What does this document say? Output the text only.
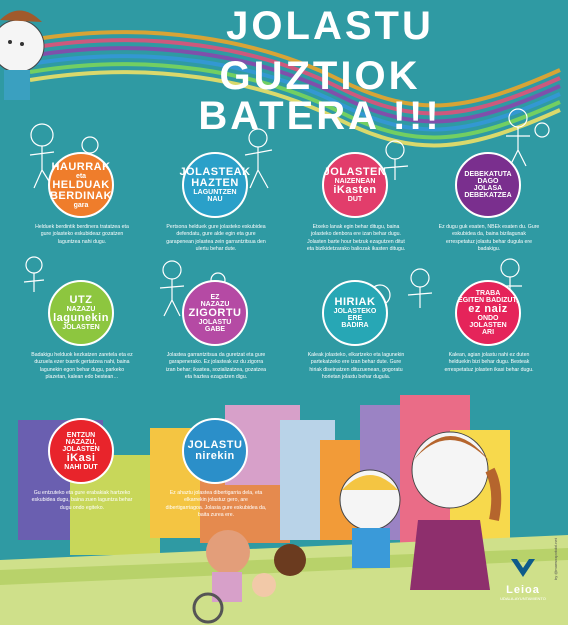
JOLASTU
GUZTIOK BATERA !!!
HAURRAK
eta
HELDUAK
BERDINAK
gara
Helduek berdintik berdinera tratatzea eta gure jolasteko eskubideaz gozatzen laguntzea nahi dugu.
JOLASTEAK
HAZTEN
LAGUNTZEN
NAU
Pertsona helduek gure jolasteko eskubidea defendatu, gure alde egin eta gure garapenean jolastea zein garrantzitsua den ulertu behar dute.
JOLASTEN
NAIZENEAN
iKasten
DUT
Etxeko lanak egin behar ditugu, baina jolasteko denbora ere izan behar dugu. Jolasten barte hour betzuk ezagutzen ditut eta bizikidetzarako baliozak ikasten ditugu.
DEBEKATUTA
DAGO
JOLASA
DEBEKATZEA
Ez dugu guk esaten, NBEk esaten du. Gure eskubidea da, baina bizilagunak errespetatuz jolastu behar dugula ere badakigu.
UTZ
NAZAZU
lagunekin
JOLASTEN
Badakigu helduok kezkatzen zaretela eta ez duzuela ezer txarrik gertatzea nahi, baina lagunekin egon behar dugu, parkeko plazetan, kalean edo bestean…
EZ
NAZAZU
ZIGORTU
JOLASTU
GABE
Jolastea garrantzitsua da guretzat eta gure garapenerako. Ez jolasteak ez du zigorra izan behar; ikastea, sozializatzea, gozatzea eta haztea ezagutzen digu.
HIRIAK
JOLASTEKO
ERE
BADIRA
Kaleak jolasteko, elkartzeko eta lagunekin partekatzeko ere izan behar dute. Gure hiriak diseinatzen dituzuenean, gogoratu horietan jolastu behar dugula.
TRABA
EGITEN BADIZUT,
ez naiz
ONDO
JOLASTEN
ARI
Kalean, agian jolastu nahi ez duten helduekin bizi behar dugu. Besteak errespetatuz jolasten ikasi behar dugu.
ENTZUN
NAZAZU,
JOLASTEN
iKasi
NAHI DUT
Gu entzuteko eta gure erabakiak hartzeko eskubidea dugu, baina zuen laguntza behar dugu ondo egiteko.
JOLASTU
nirekin
Ez ahaztu jolastea dibertigarria dela, eta elkarrekin jolastuz gero, are dibertigarriagoa. Jolasia gure eskubidea da, baita zurea ere.
Leioa
UDALA-AYUNTAMIENTO
by @marwoxpokdol.net
